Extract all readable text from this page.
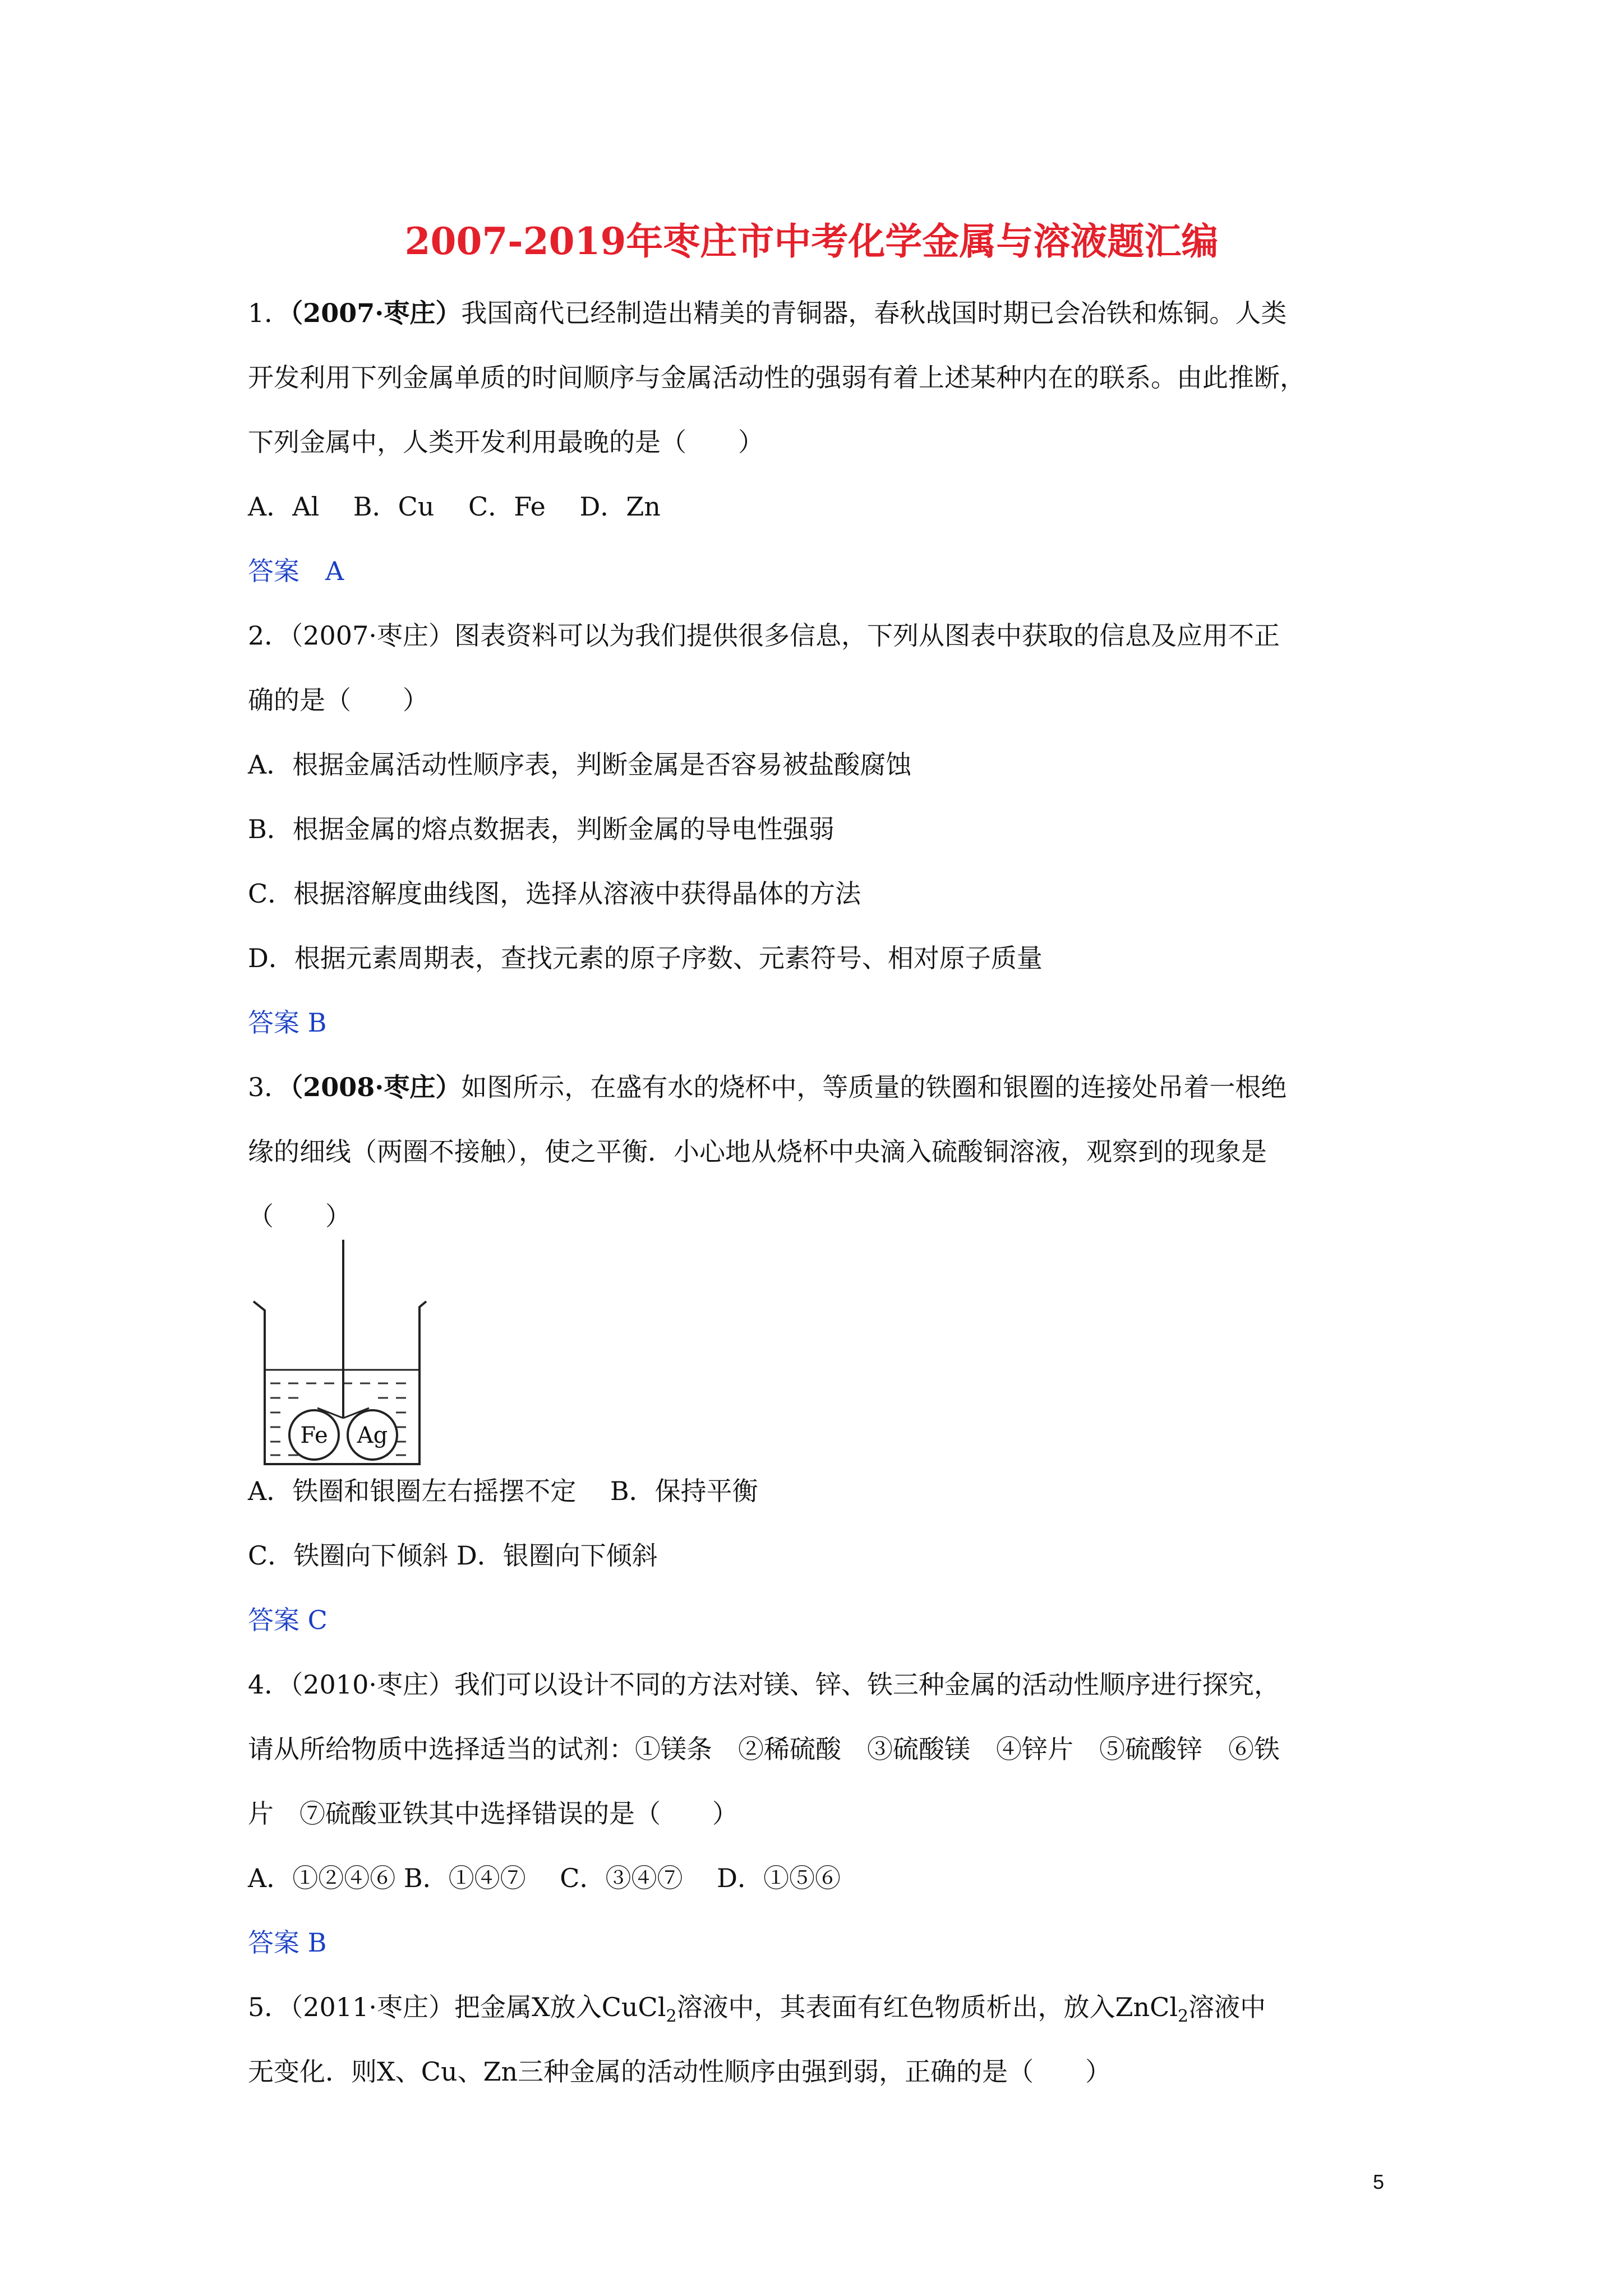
2007-2019年枣庄市中考化学金属与溶液题汇编
1．（2007·枣庄）我国商代已经制造出精美的青铜器，春秋战国时期已会冶铁和炼铜。人类
开发利用下列金属单质的时间顺序与金属活动性的强弱有着上述某种内在的联系。由此推断，
下列金属中，人类开发利用最晚的是（　　）
A．Al　 B．Cu　 C．Fe　 D．Zn
答案　A
2．（2007·枣庄）图表资料可以为我们提供很多信息，下列从图表中获取的信息及应用不正
确的是（　　）
A．根据金属活动性顺序表，判断金属是否容易被盐酸腐蚀
B．根据金属的熔点数据表，判断金属的导电性强弱
C．根据溶解度曲线图，选择从溶液中获得晶体的方法
D．根据元素周期表，查找元素的原子序数、元素符号、相对原子质量
答案 B
3．（2008·枣庄）如图所示，在盛有水的烧杯中，等质量的铁圈和银圈的连接处吊着一根绝
缘的细线（两圈不接触），使之平衡．小心地从烧杯中央滴入硫酸铜溶液，观察到的现象是
（　　）
Fe Ag
A．铁圈和银圈左右摇摆不定　 B．保持平衡
C．铁圈向下倾斜 D．银圈向下倾斜
答案 C
4．（2010·枣庄）我们可以设计不同的方法对镁、锌、铁三种金属的活动性顺序进行探究，
请从所给物质中选择适当的试剂：①镁条　②稀硫酸　③硫酸镁　④锌片　⑤硫酸锌　⑥铁
片　⑦硫酸亚铁其中选择错误的是（　　）
A．①②④⑥ B．①④⑦　 C．③④⑦　 D．①⑤⑥
答案 B
5．（2011·枣庄）把金属X放入CuCl$_2$溶液中，其表面有红色物质析出，放入ZnCl$_2$溶液中
无变化．则X、Cu、Zn三种金属的活动性顺序由强到弱，正确的是（　　）
5
